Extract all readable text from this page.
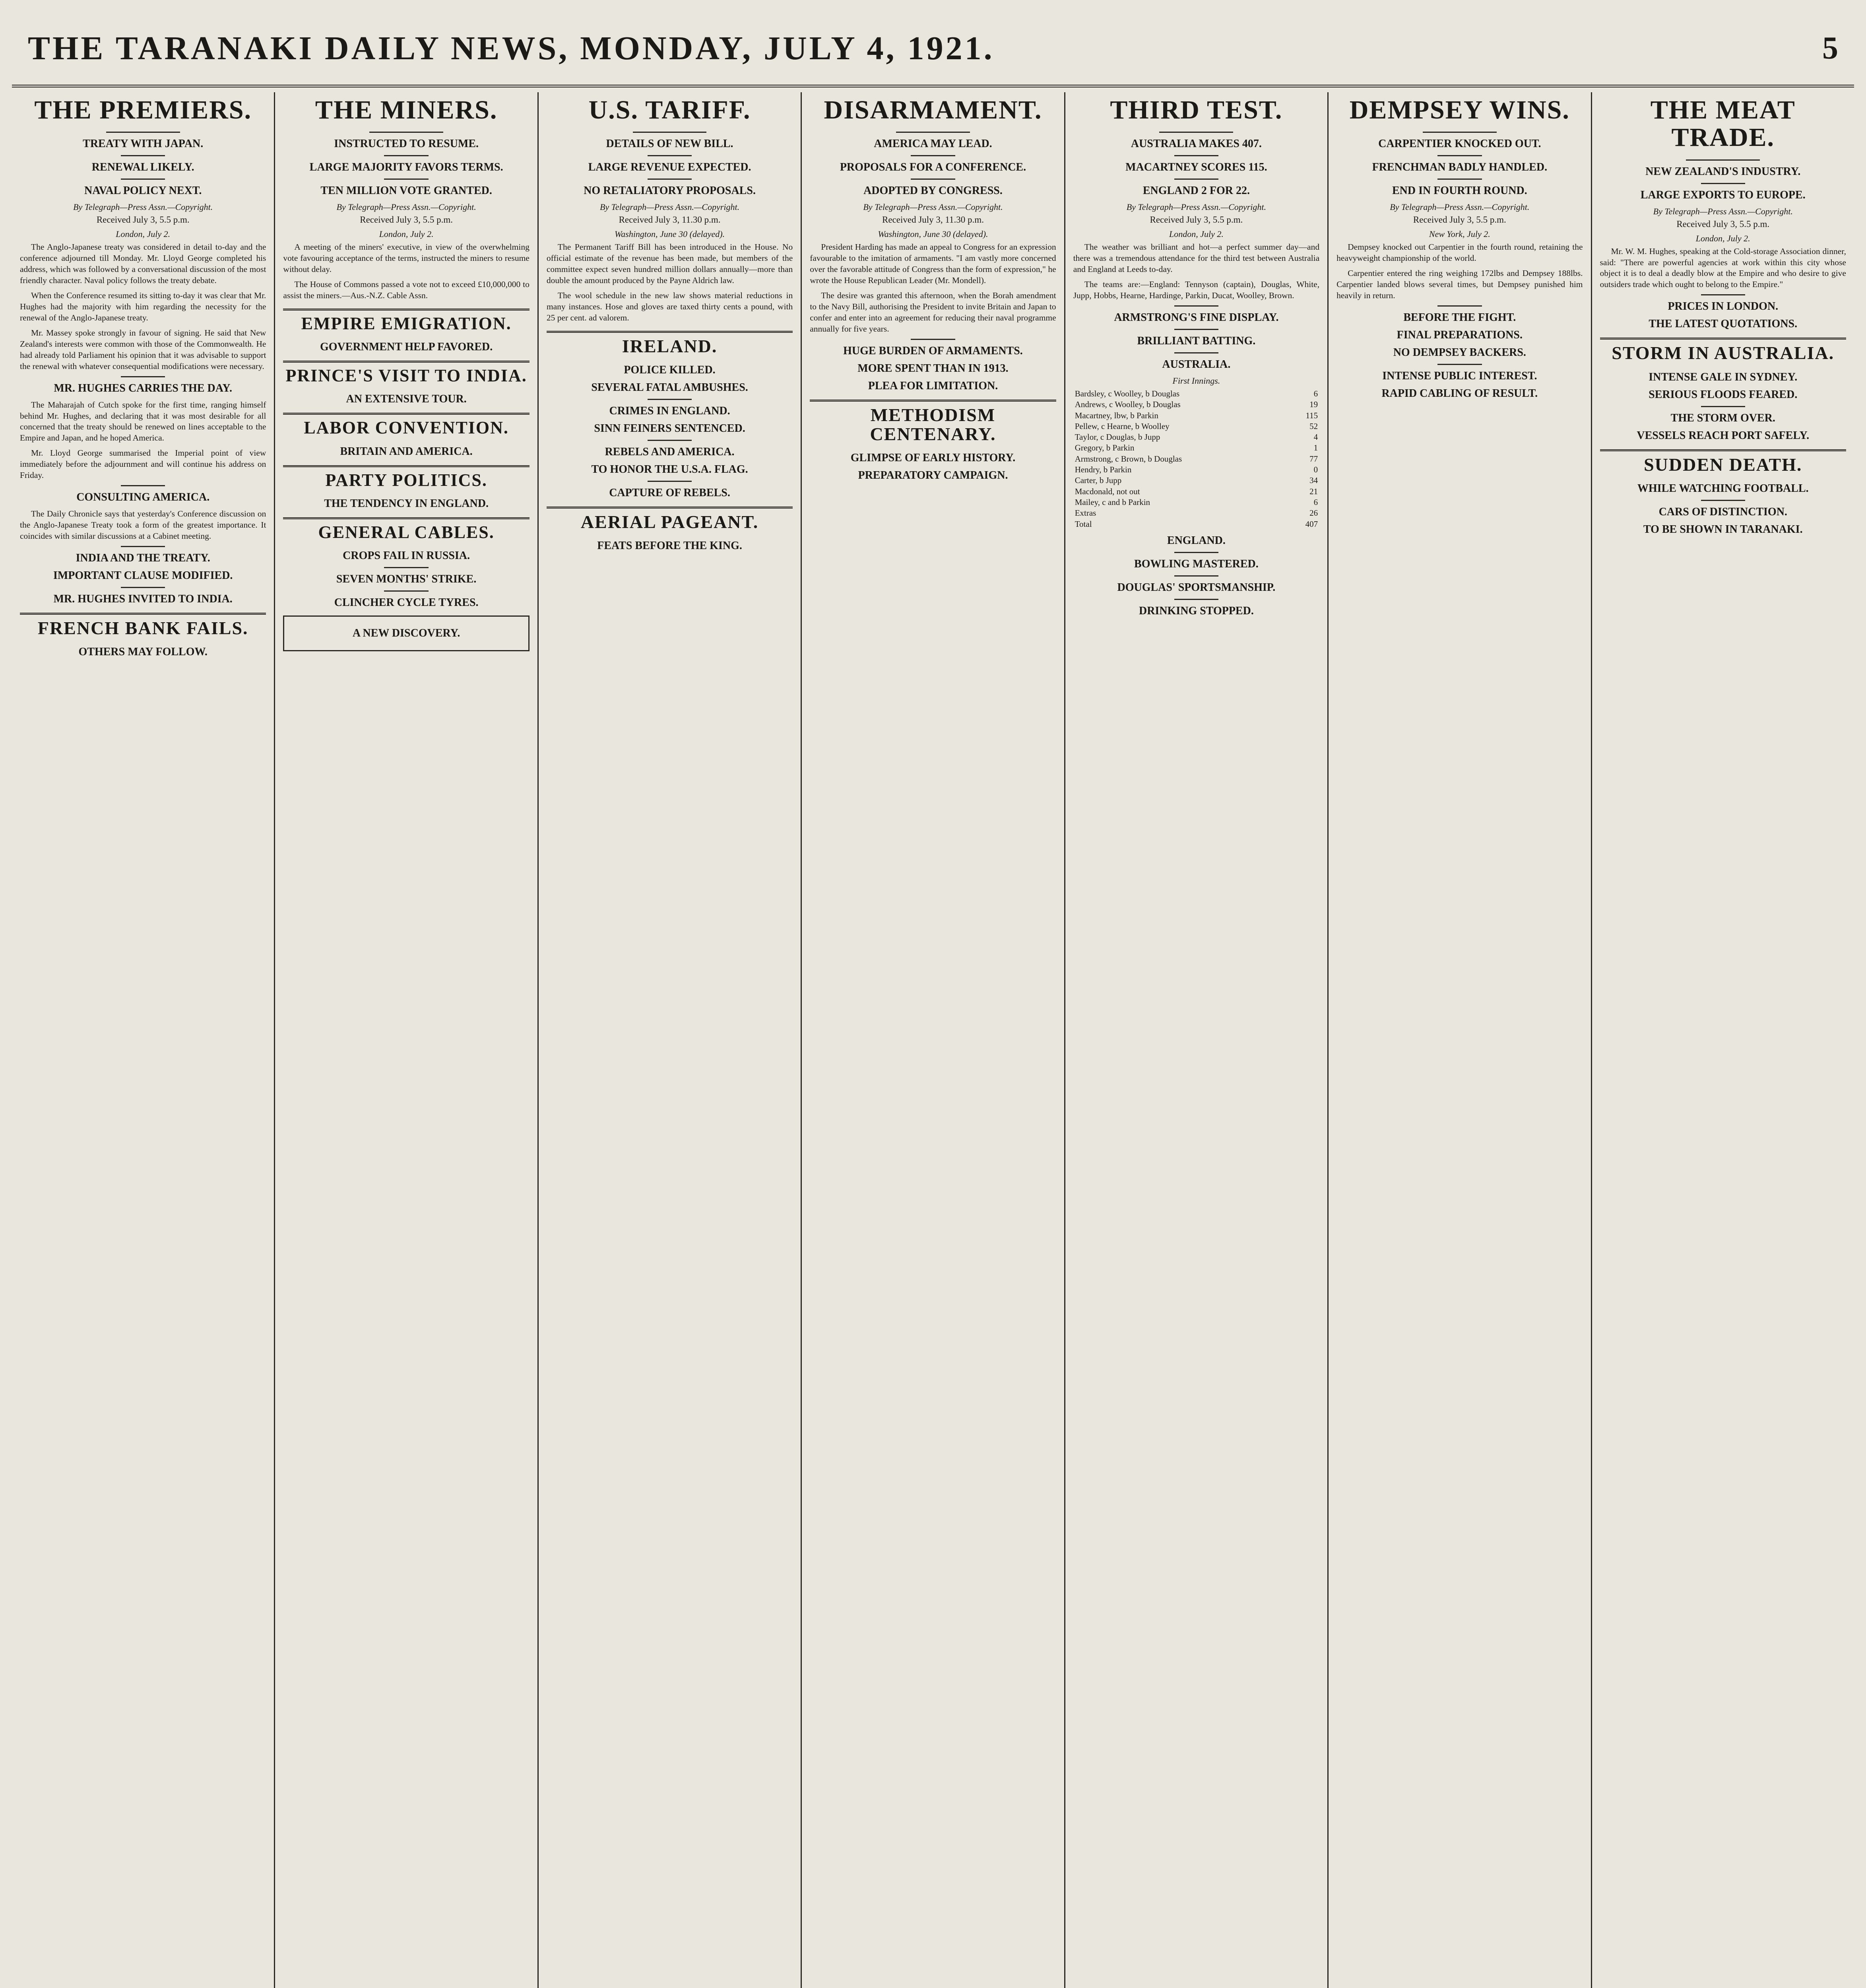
THE TARANAKI DAILY NEWS, MONDAY, JULY 4, 1921.	5
THE PREMIERS.
TREATY WITH JAPAN.
RENEWAL LIKELY.
NAVAL POLICY NEXT.
By Telegraph—Press Assn.—Copyright.
Received July 3, 5.5 p.m.
London, July 2.

The Anglo-Japanese treaty was considered in detail to-day and the conference adjourned till Monday. Mr. Lloyd George completed his address, which was followed by a conversational discussion of the most friendly character. Naval policy follows the treaty debate.

When the Conference resumed its sitting to-day it was clear that Mr. Hughes had the majority with him regarding the necessity for the renewal of the Anglo-Japanese treaty.

Mr. Massey spoke strongly in favour of signing. He said that New Zealand's interests were common with those of the Commonwealth. He had already told Parliament his opinion that it was advisable to support the renewal with whatever consequential modifications were necessary.

MR. HUGHES CARRIES THE DAY.

The Maharajah of Cutch spoke for the first time, ranging himself behind Mr. Hughes, and declaring that it was most desirable for all concerned that the treaty should be renewed on lines acceptable to the Empire and Japan, and he hoped America.

Mr. Lloyd George summarised the Imperial point of view immediately before the adjournment and will continue his address on Friday.

CONSULTING AMERICA.

The Daily Chronicle says that yesterday's Conference discussion on the Anglo-Japanese Treaty took a form of the greatest importance. It coincides with similar discussions at a Cabinet meeting.

INDIA AND THE TREATY.
IMPORTANT CLAUSE MODIFIED.
MR. HUGHES INVITED TO INDIA.
FRENCH BANK FAILS.
OTHERS MAY FOLLOW.
THE MINERS.
INSTRUCTED TO RESUME.
LARGE MAJORITY FAVORS TERMS.
TEN MILLION VOTE GRANTED.
By Telegraph—Press Assn.—Copyright.
Received July 3, 5.5 p.m.
London, July 2.

A meeting of the miners' executive, in view of the overwhelming vote favouring acceptance of the terms, instructed the miners to resume without delay.

The House of Commons passed a vote not to exceed £10,000,000 to assist the miners.—Aus.-N.Z. Cable Assn.

EMPIRE EMIGRATION.
GOVERNMENT HELP FAVORED.
PRINCE'S VISIT TO INDIA.
AN EXTENSIVE TOUR.
LABOR CONVENTION.
BRITAIN AND AMERICA.
PARTY POLITICS.
THE TENDENCY IN ENGLAND.
GENERAL CABLES.
CROPS FAIL IN RUSSIA.
SEVEN MONTHS' STRIKE.
CLINCHER CYCLE TYRES.
A NEW DISCOVERY.
U.S. TARIFF.
DETAILS OF NEW BILL.
LARGE REVENUE EXPECTED.
NO RETALIATORY PROPOSALS.
By Telegraph—Press Assn.—Copyright.
Received July 3, 11.30 p.m.
Washington, June 30 (delayed).

The Permanent Tariff Bill has been introduced in the House. No official estimate of the revenue has been made, but members of the committee expect seven hundred million dollars annually—more than double the amount produced by the Payne Aldrich law.

The wool schedule in the new law shows material reductions in many instances. Hose and gloves are taxed thirty cents a pound, with 25 per cent. ad valorem.

IRELAND.
POLICE KILLED.
SEVERAL FATAL AMBUSHES.
CRIMES IN ENGLAND.
SINN FEINERS SENTENCED.
REBELS AND AMERICA.
TO HONOR THE U.S.A. FLAG.
CAPTURE OF REBELS.
AERIAL PAGEANT.
FEATS BEFORE THE KING.
DISARMAMENT.
AMERICA MAY LEAD.
PROPOSALS FOR A CONFERENCE.
ADOPTED BY CONGRESS.
By Telegraph—Press Assn.—Copyright.
Received July 3, 11.30 p.m.
Washington, June 30 (delayed).

President Harding has made an appeal to Congress for an expression favourable to the imitation of armaments. "I am vastly more concerned over the favorable attitude of Congress than the form of expression," he wrote the House Republican Leader (Mr. Mondell).

The desire was granted this afternoon, when the Borah amendment to the Navy Bill, authorising the President to invite Britain and Japan to confer and enter into an agreement for reducing their naval programme annually for five years.

HUGE BURDEN OF ARMAMENTS.
MORE SPENT THAN IN 1913.
PLEA FOR LIMITATION.
METHODISM CENTENARY.
GLIMPSE OF EARLY HISTORY.
PREPARATORY CAMPAIGN.
THIRD TEST.
AUSTRALIA MAKES 407.
MACARTNEY SCORES 115.
ENGLAND 2 FOR 22.
By Telegraph—Press Assn.—Copyright.
Received July 3, 5.5 p.m.
London, July 2.

The weather was brilliant and hot—a perfect summer day—and there was a tremendous attendance for the third test between Australia and England at Leeds to-day.

The teams are:—England: Tennyson (captain), Douglas, White, Jupp, Hobbs, Hearne, Hardinge, Parkin, Ducat, Woolley, Brown.

ARMSTRONG'S FINE DISPLAY.
BRILLIANT BATTING.
AUSTRALIA.
First Innings.
Bardsley, c Woolley, b Douglas	6
Andrews, c Woolley, b Douglas	19
Macartney, lbw, b Parkin	115
Pellew, c Hearne, b Woolley	52
Taylor, c Douglas, b Jupp	4
Gregory, b Parkin	1
Armstrong, c Brown, b Douglas	77
Hendry, b Parkin	0
Carter, b Jupp	34
Macdonald, not out	21
Mailey, c and b Parkin	6
Extras	26
Total	407
ENGLAND.
BOWLING MASTERED.
DOUGLAS' SPORTSMANSHIP.
DRINKING STOPPED.
DEMPSEY WINS.
CARPENTIER KNOCKED OUT.
FRENCHMAN BADLY HANDLED.
END IN FOURTH ROUND.
By Telegraph—Press Assn.—Copyright.
Received July 3, 5.5 p.m.
New York, July 2.

Dempsey knocked out Carpentier in the fourth round, retaining the heavyweight championship of the world.

Carpentier entered the ring weighing 172lbs and Dempsey 188lbs. Carpentier landed blows several times, but Dempsey punished him heavily in return.

BEFORE THE FIGHT.
FINAL PREPARATIONS.
NO DEMPSEY BACKERS.
INTENSE PUBLIC INTEREST.
RAPID CABLING OF RESULT.
THE MEAT TRADE.
NEW ZEALAND'S INDUSTRY.
LARGE EXPORTS TO EUROPE.
By Telegraph—Press Assn.—Copyright.
Received July 3, 5.5 p.m.
London, July 2.

Mr. W. M. Hughes, speaking at the Cold-storage Association dinner, said: "There are powerful agencies at work within this city whose object it is to deal a deadly blow at the Empire and who desire to give outsiders trade which ought to belong to the Empire."

PRICES IN LONDON.
THE LATEST QUOTATIONS.
STORM IN AUSTRALIA.
INTENSE GALE IN SYDNEY.
SERIOUS FLOODS FEARED.
THE STORM OVER.
VESSELS REACH PORT SAFELY.
SUDDEN DEATH.
WHILE WATCHING FOOTBALL.
CARS OF DISTINCTION.
TO BE SHOWN IN TARANAKI.
